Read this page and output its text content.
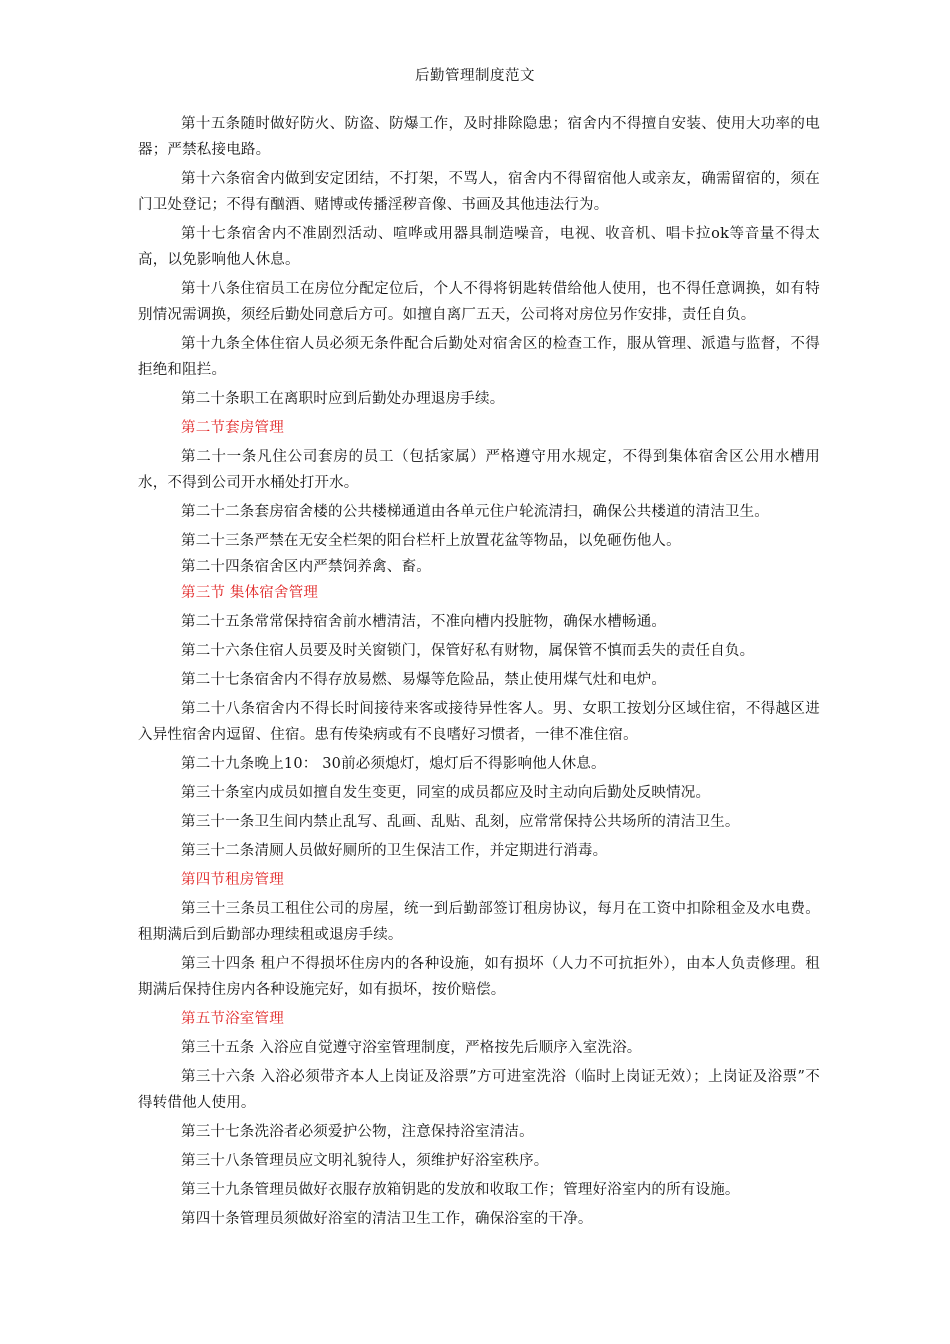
后勤管理制度范文

第十五条随时做好防火、防盗、防爆工作，及时排除隐患；宿舍内不得擅自安装、使用大功率的电器；严禁私接电路。

第十六条宿舍内做到安定团结，不打架，不骂人，宿舍内不得留宿他人或亲友，确需留宿的，须在门卫处登记；不得有酗酒、赌博或传播淫秽音像、书画及其他违法行为。

第十七条宿舍内不准剧烈活动、喧哗或用器具制造噪音，电视、收音机、唱卡拉ok等音量不得太高，以免影响他人休息。

第十八条住宿员工在房位分配定位后，个人不得将钥匙转借给他人使用，也不得任意调换，如有特别情况需调换，须经后勤处同意后方可。如擅自离厂五天，公司将对房位另作安排，责任自负。

第十九条全体住宿人员必须无条件配合后勤处对宿舍区的检查工作，服从管理、派遣与监督，不得拒绝和阻拦。

第二十条职工在离职时应到后勤处办理退房手续。

第二节套房管理

第二十一条凡住公司套房的员工（包括家属）严格遵守用水规定，不得到集体宿舍区公用水槽用水，不得到公司开水桶处打开水。

第二十二条套房宿舍楼的公共楼梯通道由各单元住户轮流清扫，确保公共楼道的清洁卫生。

第二十三条严禁在无安全栏架的阳台栏杆上放置花盆等物品，以免砸伤他人。

第二十四条宿舍区内严禁饲养禽、畜。

第三节 集体宿舍管理

第二十五条常常保持宿舍前水槽清洁，不准向槽内投脏物，确保水槽畅通。

第二十六条住宿人员要及时关窗锁门，保管好私有财物，属保管不慎而丢失的责任自负。

第二十七条宿舍内不得存放易燃、易爆等危险品，禁止使用煤气灶和电炉。

第二十八条宿舍内不得长时间接待来客或接待异性客人。男、女职工按划分区域住宿，不得越区进入异性宿舍内逗留、住宿。患有传染病或有不良嗜好习惯者，一律不准住宿。

第二十九条晚上10： 30前必须熄灯，熄灯后不得影响他人休息。

第三十条室内成员如擅自发生变更，同室的成员都应及时主动向后勤处反映情况。

第三十一条卫生间内禁止乱写、乱画、乱贴、乱刻，应常常保持公共场所的清洁卫生。

第三十二条清厕人员做好厕所的卫生保洁工作，并定期进行消毒。

第四节租房管理

第三十三条员工租住公司的房屋，统一到后勤部签订租房协议，每月在工资中扣除租金及水电费。租期满后到后勤部办理续租或退房手续。

第三十四条 租户不得损坏住房内的各种设施，如有损坏（人力不可抗拒外），由本人负责修理。租期满后保持住房内各种设施完好，如有损坏，按价赔偿。

第五节浴室管理

第三十五条 入浴应自觉遵守浴室管理制度，严格按先后顺序入室洗浴。

第三十六条 入浴必须带齐本人上岗证及浴票”方可进室洗浴（临时上岗证无效）；上岗证及浴票”不得转借他人使用。

第三十七条洗浴者必须爱护公物，注意保持浴室清洁。

第三十八条管理员应文明礼貌待人，须维护好浴室秩序。

第三十九条管理员做好衣服存放箱钥匙的发放和收取工作；管理好浴室内的所有设施。

第四十条管理员须做好浴室的清洁卫生工作，确保浴室的干净。
